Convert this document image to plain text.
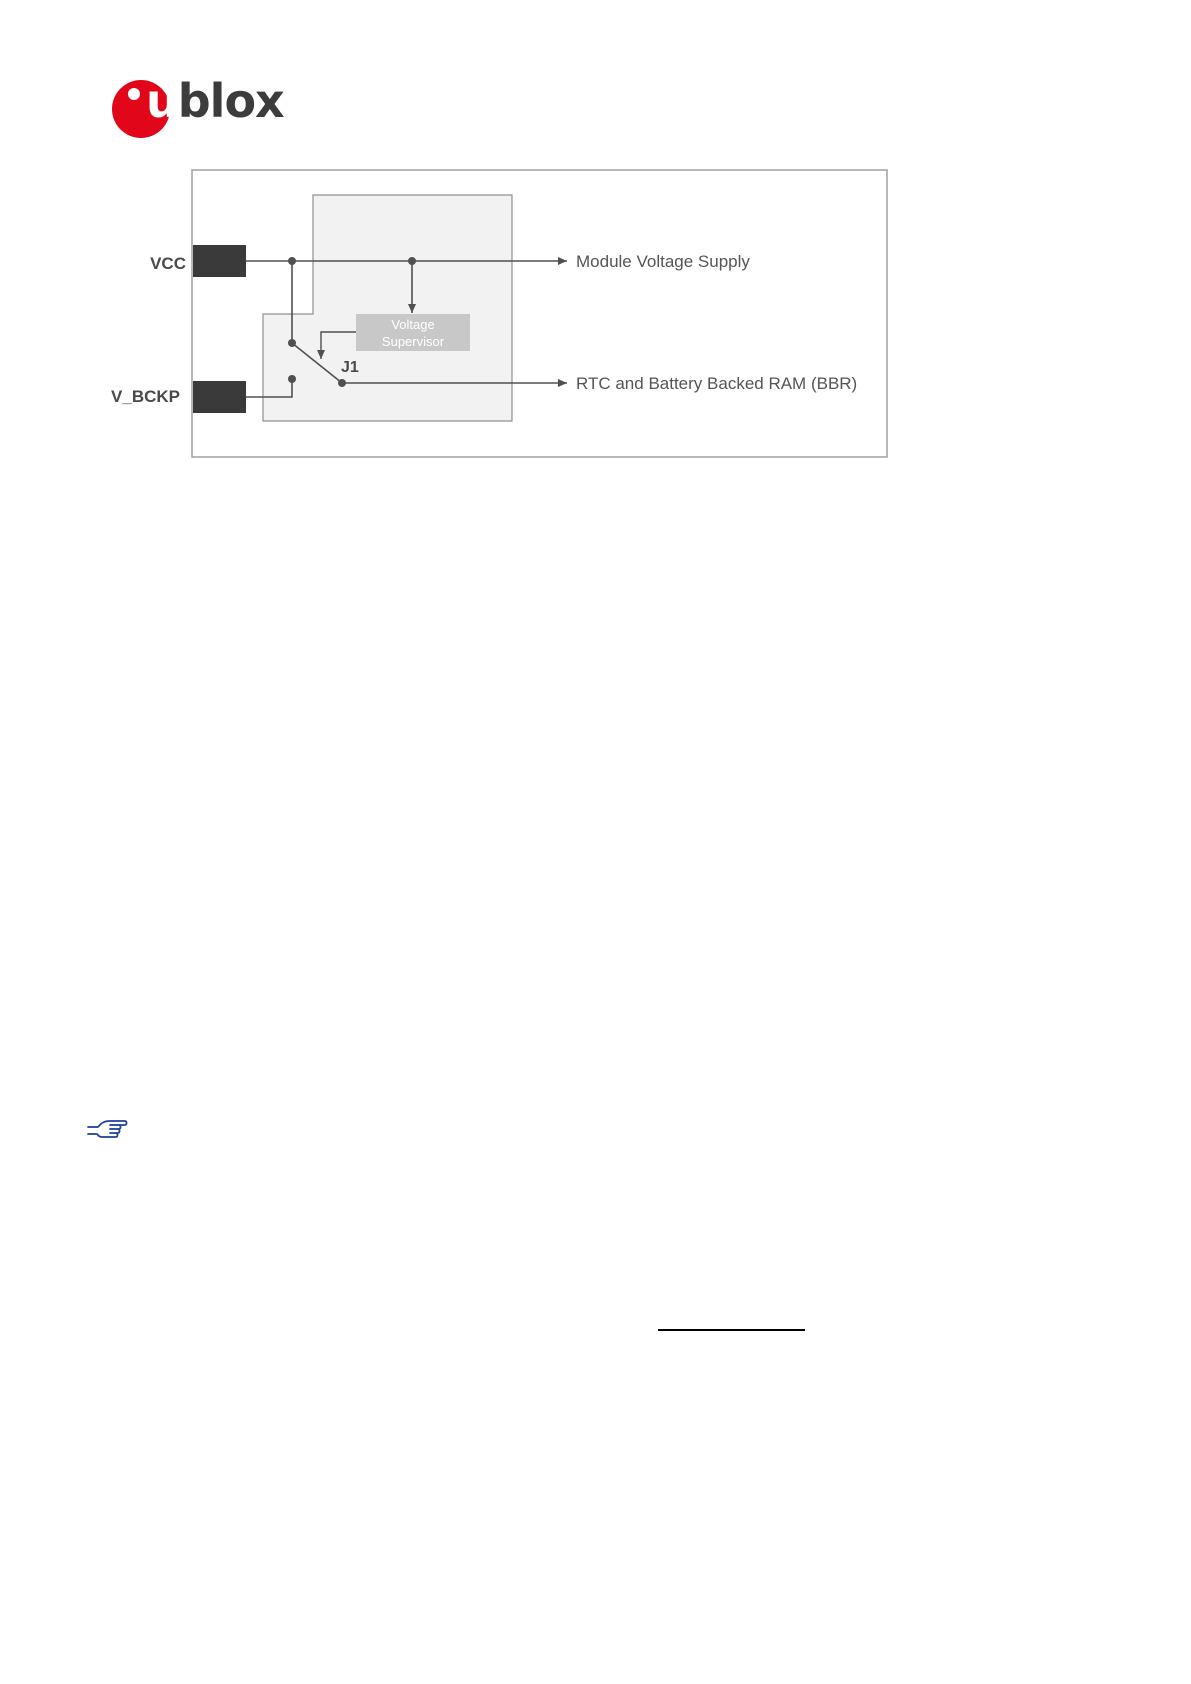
ublox
VCC
V_BCKP
Voltage
Supervisor
J1
Module Voltage Supply
RTC and Battery Backed RAM (BBR)
